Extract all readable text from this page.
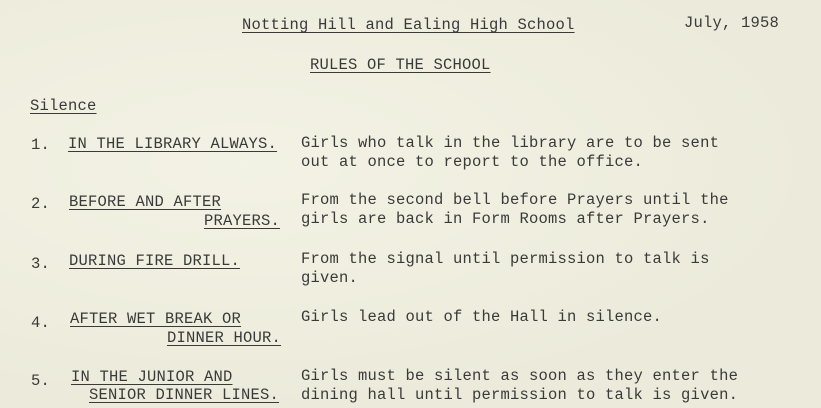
Notting Hill and Ealing High School	July, 1958
RULES OF THE SCHOOL
Silence
1. IN THE LIBRARY ALWAYS. Girls who talk in the library are to be sent
out at once to report to the office.
2. BEFORE AND AFTER
PRAYERS.
From the second bell before Prayers until the
girls are back in Form Rooms after Prayers.
3. DURING FIRE DRILL.	From the signal until permission to talk is
given.
4. AFTER WET BREAK OR
DINNER HOUR.
Girls lead out of the Hall in silence.
5. IN THE JUNIOR AND
SENIOR DINNER LINES.
Girls must be silent as soon as they enter the
dining hall until permission to talk is given.
